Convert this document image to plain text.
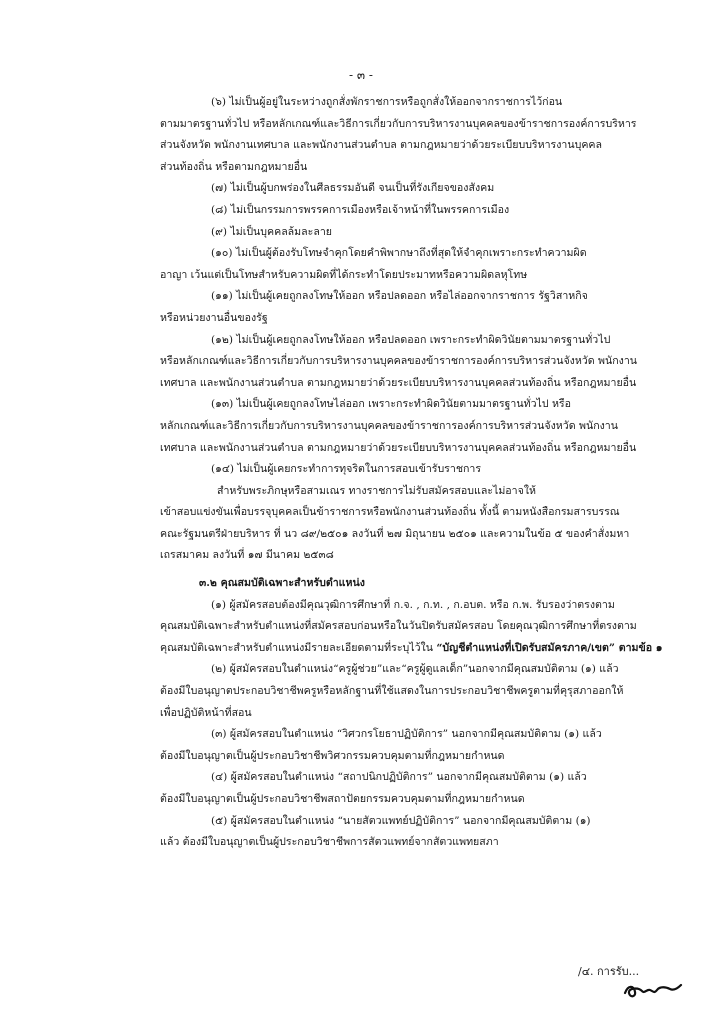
- ๓ -

(๖) ไม่เป็นผู้อยู่ในระหว่างถูกสั่งพักราชการหรือถูกสั่งให้ออกจากราชการไว้ก่อน

ตามมาตรฐานทั่วไป หรือหลักเกณฑ์และวิธีการเกี่ยวกับการบริหารงานบุคคลของข้าราชการองค์การบริหาร

ส่วนจังหวัด พนักงานเทศบาล และพนักงานส่วนตำบล ตามกฎหมายว่าด้วยระเบียบบริหารงานบุคคล

ส่วนท้องถิ่น หรือตามกฎหมายอื่น

(๗) ไม่เป็นผู้บกพร่องในศีลธรรมอันดี จนเป็นที่รังเกียจของสังคม

(๘) ไม่เป็นกรรมการพรรคการเมืองหรือเจ้าหน้าที่ในพรรคการเมือง

(๙) ไม่เป็นบุคคลล้มละลาย

(๑๐) ไม่เป็นผู้ต้องรับโทษจำคุกโดยคำพิพากษาถึงที่สุดให้จำคุกเพราะกระทำความผิด

อาญา เว้นแต่เป็นโทษสำหรับความผิดที่ได้กระทำโดยประมาทหรือความผิดลหุโทษ

(๑๑) ไม่เป็นผู้เคยถูกลงโทษให้ออก หรือปลดออก หรือไล่ออกจากราชการ รัฐวิสาหกิจ

หรือหน่วยงานอื่นของรัฐ

(๑๒) ไม่เป็นผู้เคยถูกลงโทษให้ออก หรือปลดออก เพราะกระทำผิดวินัยตามมาตรฐานทั่วไป

หรือหลักเกณฑ์และวิธีการเกี่ยวกับการบริหารงานบุคคลของข้าราชการองค์การบริหารส่วนจังหวัด พนักงาน

เทศบาล และพนักงานส่วนตำบล ตามกฎหมายว่าด้วยระเบียบบริหารงานบุคคลส่วนท้องถิ่น หรือกฎหมายอื่น

(๑๓) ไม่เป็นผู้เคยถูกลงโทษไล่ออก เพราะกระทำผิดวินัยตามมาตรฐานทั่วไป หรือ

หลักเกณฑ์และวิธีการเกี่ยวกับการบริหารงานบุคคลของข้าราชการองค์การบริหารส่วนจังหวัด พนักงาน

เทศบาล และพนักงานส่วนตำบล ตามกฎหมายว่าด้วยระเบียบบริหารงานบุคคลส่วนท้องถิ่น หรือกฎหมายอื่น

(๑๔) ไม่เป็นผู้เคยกระทำการทุจริตในการสอบเข้ารับราชการ

สำหรับพระภิกษุหรือสามเณร ทางราชการไม่รับสมัครสอบและไม่อาจให้

เข้าสอบแข่งขันเพื่อบรรจุบุคคลเป็นข้าราชการหรือพนักงานส่วนท้องถิ่น ทั้งนี้ ตามหนังสือกรมสารบรรณ

คณะรัฐมนตรีฝ่ายบริหาร ที่ นว ๘๙/๒๕๐๑ ลงวันที่ ๒๗ มิถุนายน ๒๕๐๑ และความในข้อ ๕ ของคำสั่งมหา

เถรสมาคม ลงวันที่ ๑๗ มีนาคม ๒๕๓๘

๓.๒ คุณสมบัติเฉพาะสำหรับตำแหน่ง

(๑) ผู้สมัครสอบต้องมีคุณวุฒิการศึกษาที่ ก.จ. , ก.ท. , ก.อบต. หรือ ก.พ. รับรองว่าตรงตาม

คุณสมบัติเฉพาะสำหรับตำแหน่งที่สมัครสอบก่อนหรือในวันปิดรับสมัครสอบ โดยคุณวุฒิการศึกษาที่ตรงตาม

คุณสมบัติเฉพาะสำหรับตำแหน่งมีรายละเอียดตามที่ระบุไว้ใน “บัญชีตำแหน่งที่เปิดรับสมัครภาค/เขต” ตามข้อ ๑

(๒) ผู้สมัครสอบในตำแหน่ง“ครูผู้ช่วย”และ“ครูผู้ดูแลเด็ก”นอกจากมีคุณสมบัติตาม (๑) แล้ว

ต้องมีใบอนุญาตประกอบวิชาชีพครูหรือหลักฐานที่ใช้แสดงในการประกอบวิชาชีพครูตามที่คุรุสภาออกให้

เพื่อปฏิบัติหน้าที่สอน

(๓) ผู้สมัครสอบในตำแหน่ง “วิศวกรโยธาปฏิบัติการ” นอกจากมีคุณสมบัติตาม (๑) แล้ว

ต้องมีใบอนุญาตเป็นผู้ประกอบวิชาชีพวิศวกรรมควบคุมตามที่กฎหมายกำหนด

(๔) ผู้สมัครสอบในตำแหน่ง “สถาปนิกปฏิบัติการ” นอกจากมีคุณสมบัติตาม (๑) แล้ว

ต้องมีใบอนุญาตเป็นผู้ประกอบวิชาชีพสถาปัตยกรรมควบคุมตามที่กฎหมายกำหนด

(๕) ผู้สมัครสอบในตำแหน่ง “นายสัตวแพทย์ปฏิบัติการ” นอกจากมีคุณสมบัติตาม (๑)

แล้ว ต้องมีใบอนุญาตเป็นผู้ประกอบวิชาชีพการสัตวแพทย์จากสัตวแพทยสภา

/๔. การรับ...
